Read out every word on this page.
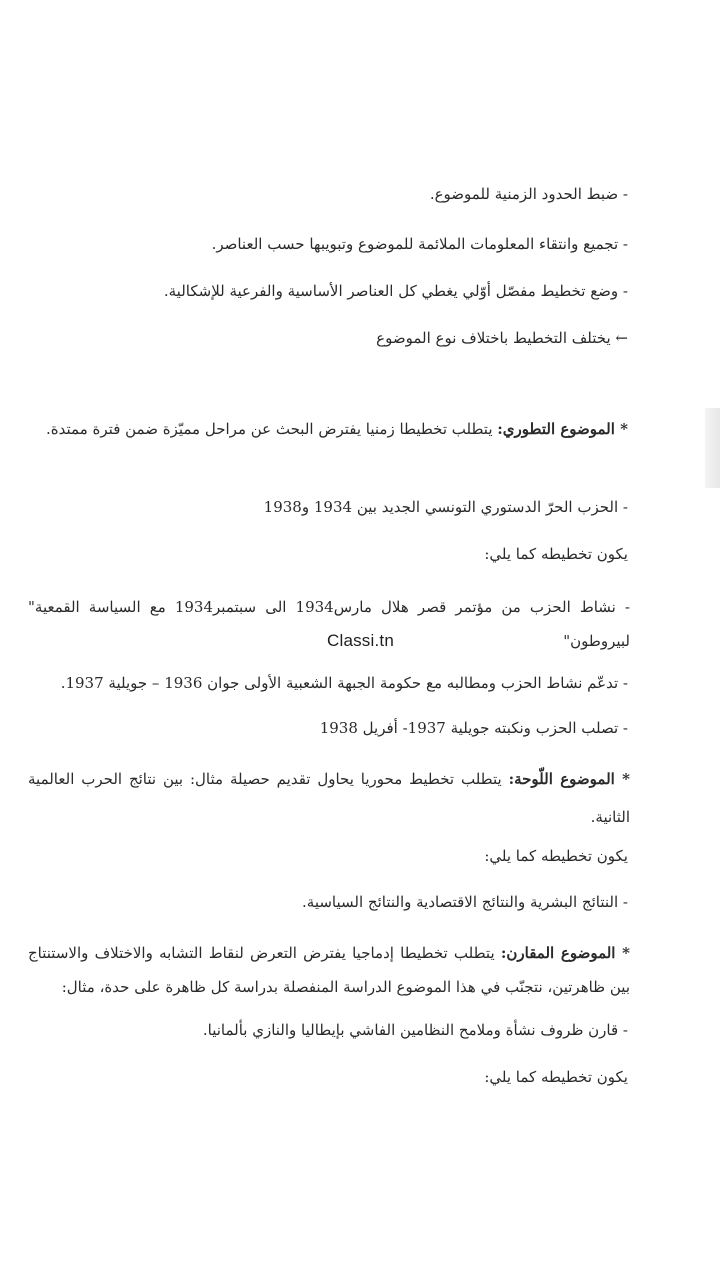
- ضبط الحدود الزمنية للموضوع.
- تجميع وانتقاء المعلومات الملائمة للموضوع وتبويبها حسب العناصر.
- وضع تخطيط مفصّل أوّلي يغطي كل العناصر الأساسية والفرعية للإشكالية.
← يختلف التخطيط باختلاف نوع الموضوع
* الموضوع التطوري: يتطلب تخطيطا زمنيا يفترض البحث عن مراحل مميّزة ضمن فترة ممتدة.
- الحزب الحرّ الدستوري التونسي الجديد بين 1934 و1938
يكون تخطيطه كما يلي:
- نشاط الحزب من مؤتمر قصر هلال مارس1934 الى سبتمبر1934 مع السياسة القمعية" لبيروطون"
- تدعّم نشاط الحزب ومطالبه مع حكومة الجبهة الشعبية الأولى جوان 1936 – جويلية 1937.
- تصلب الحزب ونكبته جويلية 1937- أفريل 1938
* الموضوع اللّوحة: يتطلب تخطيط محوريا يحاول تقديم حصيلة مثال: بين نتائج الحرب العالمية الثانية.
يكون تخطيطه كما يلي:
- النتائج البشرية والنتائج الاقتصادية والنتائج السياسية.
* الموضوع المقارن: يتطلب تخطيطا إدماجيا يفترض التعرض لنقاط التشابه والاختلاف والاستنتاج بين ظاهرتين، نتجنّب في هذا الموضوع الدراسة المنفصلة بدراسة كل ظاهرة على حدة، مثال:
- قارن ظروف نشأة وملامح النظامين الفاشي بإيطاليا والنازي بألمانيا.
يكون تخطيطه كما يلي:
Classi.tn
